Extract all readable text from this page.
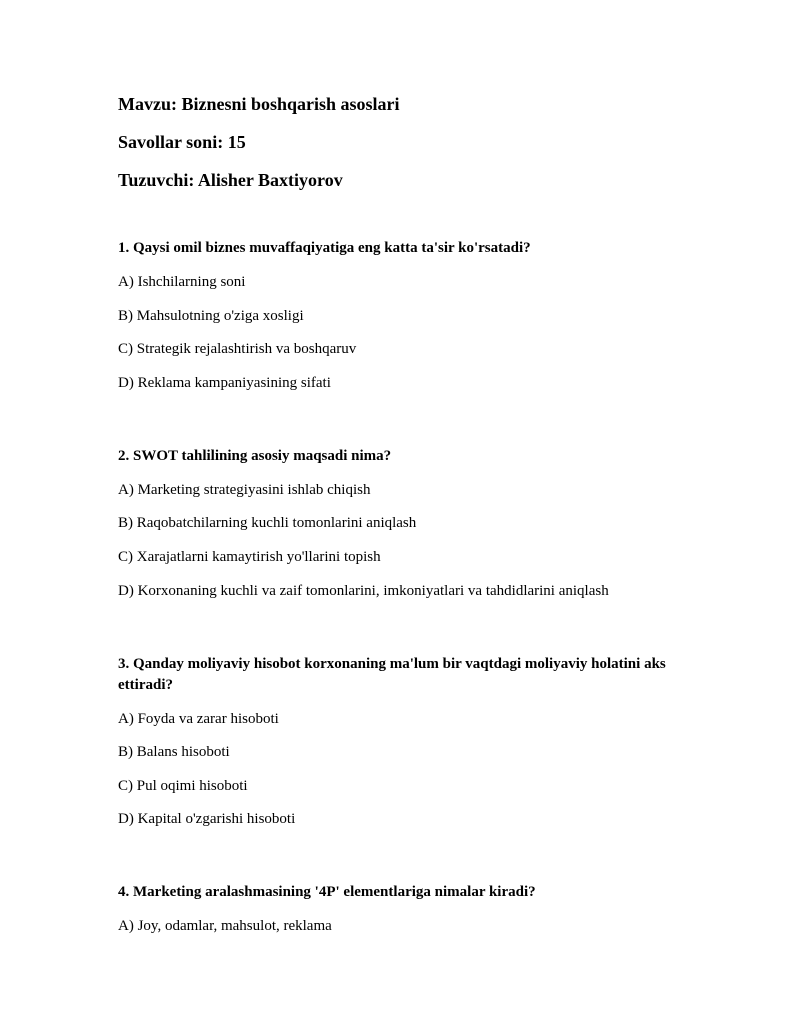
Mavzu: Biznesni boshqarish asoslari
Savollar soni: 15
Tuzuvchi: Alisher Baxtiyorov
1. Qaysi omil biznes muvaffaqiyatiga eng katta ta'sir ko'rsatadi?
A) Ishchilarning soni
B) Mahsulotning o'ziga xosligi
C) Strategik rejalashtirish va boshqaruv
D) Reklama kampaniyasining sifati
2. SWOT tahlilining asosiy maqsadi nima?
A) Marketing strategiyasini ishlab chiqish
B) Raqobatchilarning kuchli tomonlarini aniqlash
C) Xarajatlarni kamaytirish yo'llarini topish
D) Korxonaning kuchli va zaif tomonlarini, imkoniyatlari va tahdidlarini aniqlash
3. Qanday moliyaviy hisobot korxonaning ma'lum bir vaqtdagi moliyaviy holatini aks ettiradi?
A) Foyda va zarar hisoboti
B) Balans hisoboti
C) Pul oqimi hisoboti
D) Kapital o'zgarishi hisoboti
4. Marketing aralashmasining '4P' elementlariga nimalar kiradi?
A) Joy, odamlar, mahsulot, reklama
